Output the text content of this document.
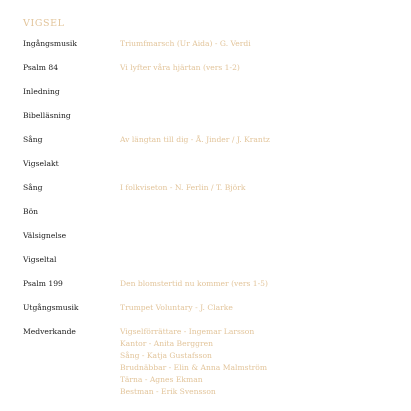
VIGSEL
Ingångsmusik	Triumfmarsch (Ur Aida) - G. Verdi
Psalm 84	Vi lyfter våra hjärtan (vers 1-2)
Inledning
Bibelläsning
Sång	Av längtan till dig - Å. Jinder / J. Krantz
Vigselakt
Sång	I folkviseton - N. Ferlin / T. Björk
Bön
Välsignelse
Vigseltal
Psalm 199	Den blomstertid nu kommer (vers 1-5)
Utgångsmusik	Trumpet Voluntary - J. Clarke
Medverkande	Vigselförrättare - Ingemar Larsson
Kantor - Anita Berggren
Sång - Katja Gustafsson
Brudnäbbar - Elin & Anna Malmström
Tärna - Agnes Ekman
Bestman - Erik Svensson
